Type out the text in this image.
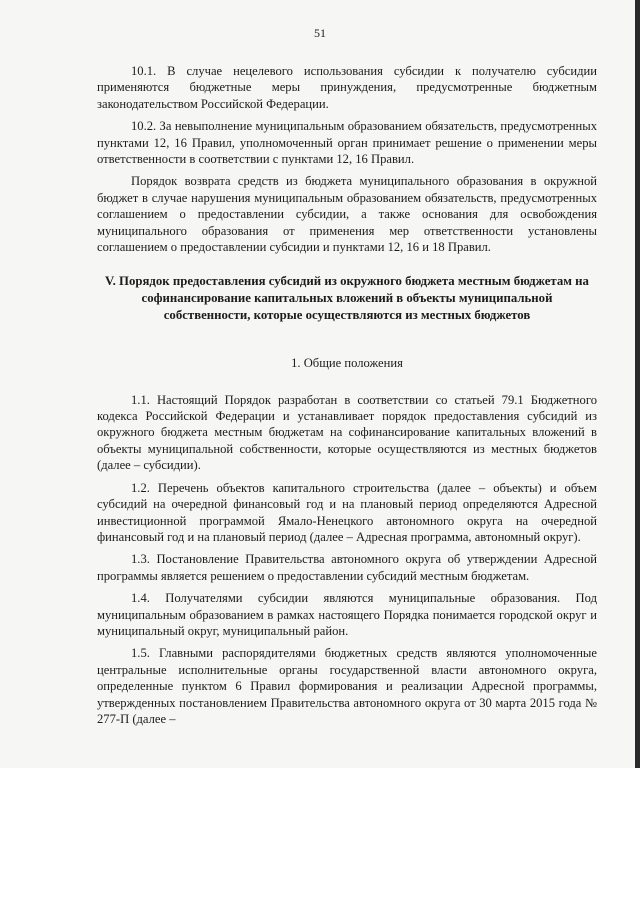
51

10.1. В случае нецелевого использования субсидии к получателю субсидии применяются бюджетные меры принуждения, предусмотренные бюджетным законодательством Российской Федерации.

10.2. За невыполнение муниципальным образованием обязательств, предусмотренных пунктами 12, 16 Правил, уполномоченный орган принимает решение о применении меры ответственности в соответствии с пунктами 12, 16 Правил.

Порядок возврата средств из бюджета муниципального образования в окружной бюджет в случае нарушения муниципальным образованием обязательств, предусмотренных соглашением о предоставлении субсидии, а также основания для освобождения муниципального образования от применения мер ответственности установлены соглашением о предоставлении субсидии и пунктами 12, 16 и 18 Правил.

V. Порядок предоставления субсидий из окружного бюджета местным бюджетам на софинансирование капитальных вложений в объекты муниципальной собственности, которые осуществляются из местных бюджетов
1. Общие положения

1.1. Настоящий Порядок разработан в соответствии со статьей 79.1 Бюджетного кодекса Российской Федерации и устанавливает порядок предоставления субсидий из окружного бюджета местным бюджетам на софинансирование капитальных вложений в объекты муниципальной собственности, которые осуществляются из местных бюджетов (далее – субсидии).

1.2. Перечень объектов капитального строительства (далее – объекты) и объем субсидий на очередной финансовый год и на плановый период определяются Адресной инвестиционной программой Ямало-Ненецкого автономного округа на очередной финансовый год и на плановый период (далее – Адресная программа, автономный округ).

1.3. Постановление Правительства автономного округа об утверждении Адресной программы является решением о предоставлении субсидий местным бюджетам.

1.4. Получателями субсидии являются муниципальные образования. Под муниципальным образованием в рамках настоящего Порядка понимается городской округ и муниципальный округ, муниципальный район.

1.5. Главными распорядителями бюджетных средств являются уполномоченные центральные исполнительные органы государственной власти автономного округа, определенные пунктом 6 Правил формирования и реализации Адресной программы, утвержденных постановлением Правительства автономного округа от 30 марта 2015 года № 277-П (далее –
